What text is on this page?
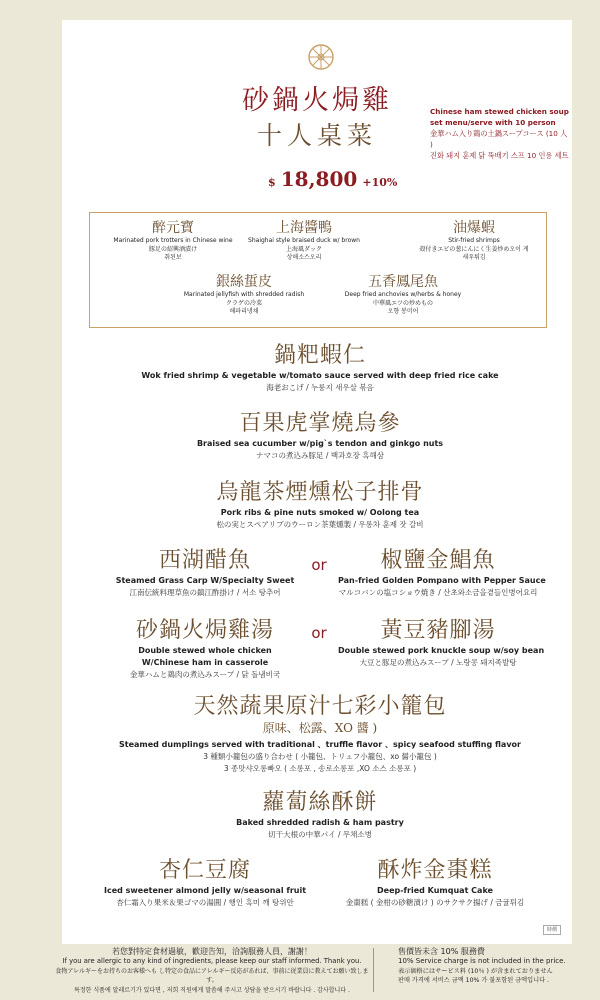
砂鍋火焗雞
十人桌菜
Chinese ham stewed chicken soup set menu/serve with 10 person
金華ハム入り鶏の土鍋スープコース (10 人 )
진화 돼지 훈제 닭 뚝배기 스프 10 인용 세트
$ 18,800 +10%
醉元寶
Marinated pork trotters in Chinese wine
豚足の紹興酒漬け
취된보
上海醬鴨
Shaighai style braised duck w/ brown
上海風ダック
상해소스오리
油爆蝦
Stir-fried shrimps
殻付きエビの葱にんにく生姜炒め오이 게
새우튀김
銀絲蜇皮
Marinated jellyfish with shredded radish
クラゲの冷菜
해파리냉채
五香鳳尾魚
Deep fried anchovies w/herbs & honey
中華風エツの炒めもの
오향 봉미어
鍋粑蝦仁
Wok fried shrimp & vegetable w/tomato sauce served with deep fried rice cake
海老おこげ / 누룽지 새우살 볶음
百果虎掌燒烏參
Braised sea cucumber w/pig`s tendon and ginkgo nuts
ナマコの煮込み豚足 / 백과호장 흑해삼
烏龍茶煙燻松子排骨
Pork ribs & pine nuts smoked w/ Oolong tea
松の実とスペアリブのウーロン茶葉燻製 / 우롱차 훈제 잣 갈비
西湖醋魚
Steamed Grass Carp W/Specialty Sweet
江南伝統料理草魚の鎮江酢掛け / 서소 탕추어
or	椒鹽金鯧魚
Pan-fried Golden Pompano with Pepper Sauce
マルコバンの塩コショウ焼き / 산초와소금을곁들인병어요리
砂鍋火焗雞湯
Double stewed whole chicken
W/Chinese ham in casserole
金華ハムと鶏肉の煮込みスープ / 닭 돌냄비국
or	黃豆豬腳湯
Double stewed pork knuckle soup w/soy bean
大豆と豚足の煮込みスープ / 노랑콩 돼지족발탕
天然蔬果原汁七彩小籠包
原味、松露、XO 醬 )
Steamed dumplings served with traditional 、truffle flavor 、spicy seafood stuffing flavor
3 種類小籠包の盛り合わせ ( 小籠包、トリュフ小籠包、xo 醤小籠包 )
3 종맛샤오롱빠오 ( 소롱포 , 송로소롱포 ,XO 소스 소롱포 )
蘿蔔絲酥餅
Baked shredded radish & ham pastry
切干大根の中華パイ / 무채소병
杏仁豆腐
Iced sweetener almond jelly w/seasonal fruit
杏仁霜入り果米＆果ゴマの湯圓 / 행인 흑미 깨 탕위안
酥炸金棗糕
Deep-fried Kumquat Cake
金棗糕 ( 金柑の砂糖漬け ) のサクサク揚げ / 금귤튀김
時價
若您對特定食材過敏，歡迎告知，洽詢服務人員，謝謝！
If you are allergic to any kind of ingredients, please keep our staff informed. Thank you.
食物アレルギーをお持ちのお客様へも し特定の食品にアレルギー反応があれば、事前に従業員に教えてお願い致します。
특정한 식품에 알레르기가 있다면 , 저희 직원에게 말씀해 주시고 상담을 받으시기 바랍니다 . 감사합니다 .
售價皆未含 10% 服務費
10% Service charge is not included in the price.
表示価格にはサービス料 (10％ ) が含まれておりません
판매 가격에 서비스 금액 10% 가 불포함된 금액입니다 .
